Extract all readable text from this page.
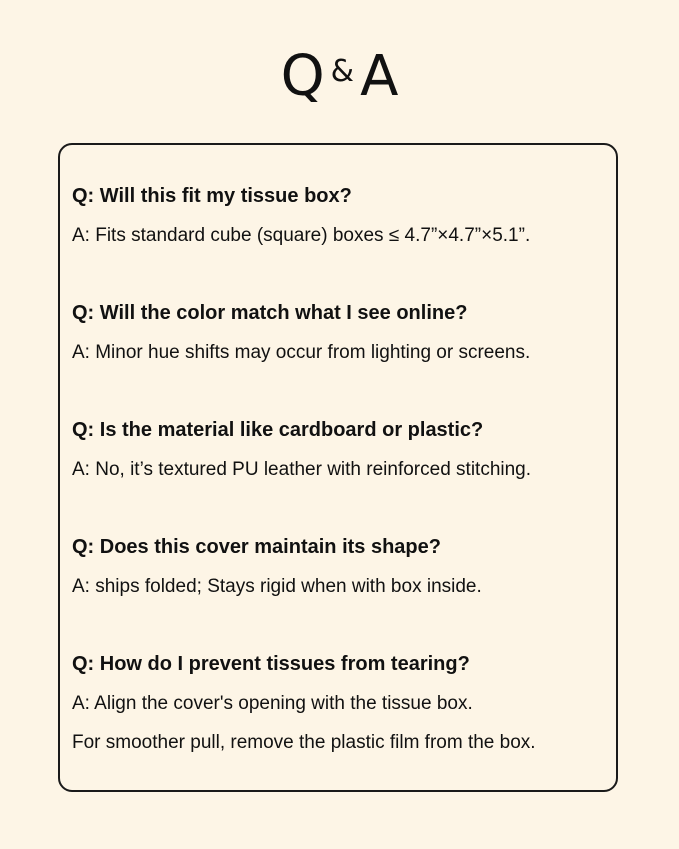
Q & A
Q: Will this fit my tissue box?
A: Fits standard cube (square) boxes ≤ 4.7”×4.7”×5.1”.
Q: Will the color match what I see online?
A: Minor hue shifts may occur from lighting or screens.
Q: Is the material like cardboard or plastic?
A: No, it’s textured PU leather with reinforced stitching.
Q: Does this cover maintain its shape?
A: ships folded; Stays rigid when with box inside.
Q: How do I prevent tissues from tearing?
A: Align the cover's opening with the tissue box.
For smoother pull, remove the plastic film from the box.
